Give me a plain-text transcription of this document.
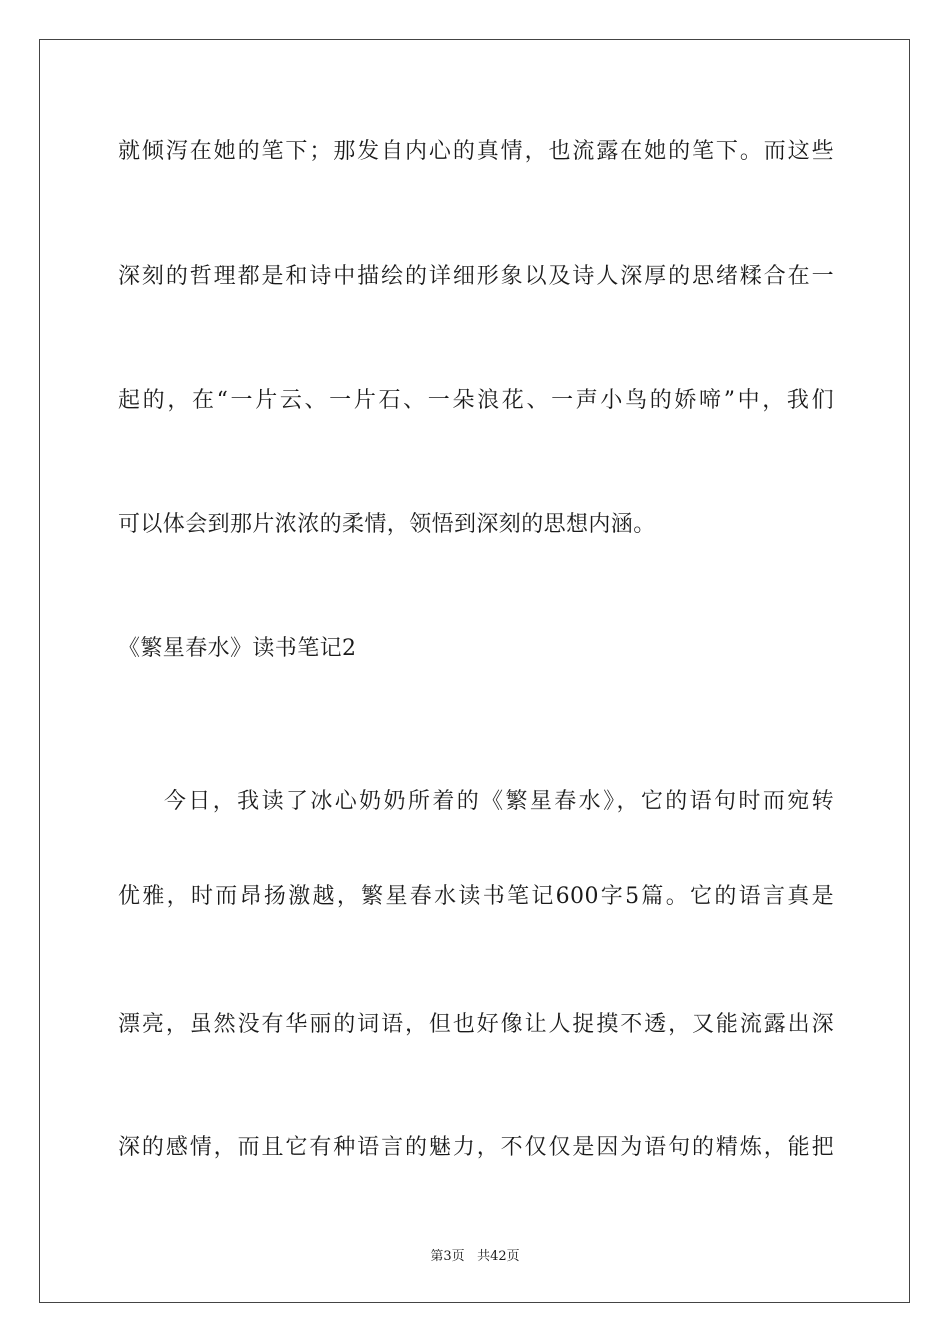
就倾泻在她的笔下；那发自内心的真情，也流露在她的笔下。而这些
深刻的哲理都是和诗中描绘的详细形象以及诗人深厚的思绪糅合在一
起的，在“一片云、一片石、一朵浪花、一声小鸟的娇啼”中，我们
可以体会到那片浓浓的柔情，领悟到深刻的思想内涵。
《繁星春水》读书笔记2
今日，我读了冰心奶奶所着的《繁星春水》，它的语句时而宛转
优雅，时而昂扬激越，繁星春水读书笔记600字5篇。它的语言真是
漂亮，虽然没有华丽的词语，但也好像让人捉摸不透，又能流露出深
深的感情，而且它有种语言的魅力，不仅仅是因为语句的精炼，能把
第3页 共42页
